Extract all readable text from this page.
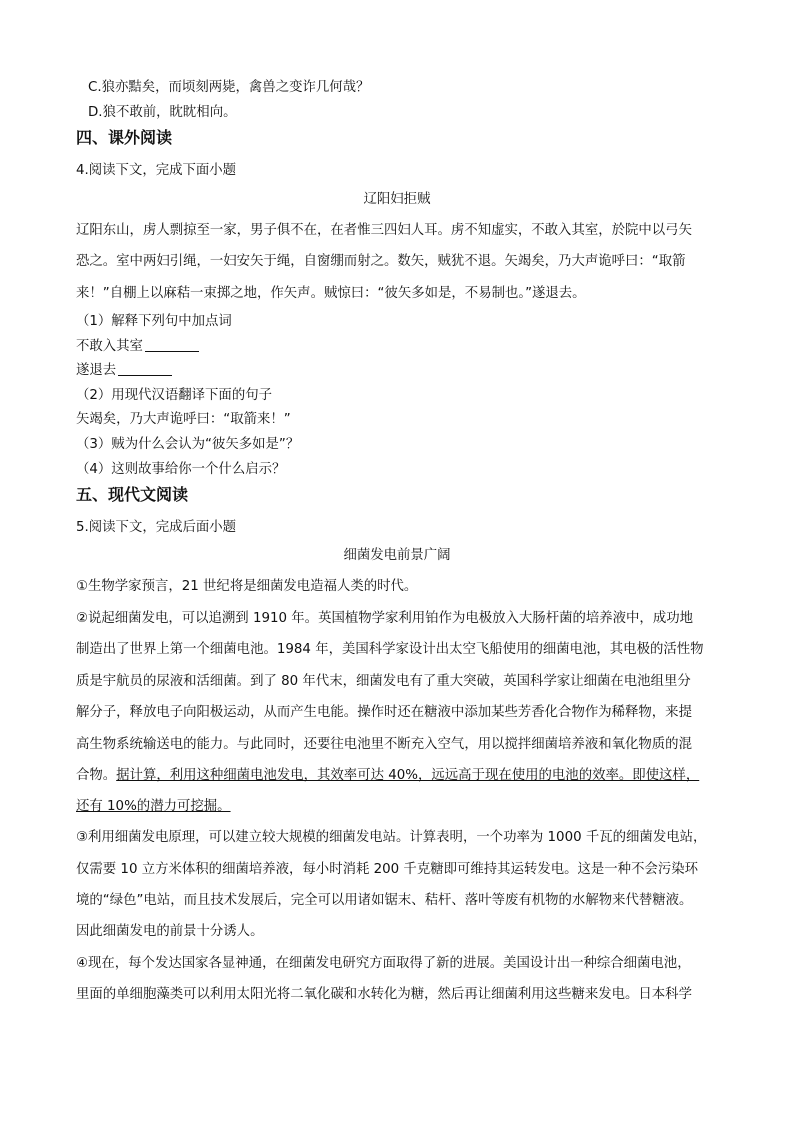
C.狼亦黠矣，而顷刻两毙，禽兽之变诈几何哉？
D.狼不敢前，眈眈相向。
四、课外阅读
4.阅读下文，完成下面小题
辽阳妇拒贼
辽阳东山，虏人剽掠至一家，男子俱不在，在者惟三四妇人耳。虏不知虚实，不敢入其室，於院中以弓矢
恐之。室中两妇引绳，一妇安矢于绳，自窗绷而射之。数矢，贼犹不退。矢竭矣，乃大声诡呼曰：“取箭
来！”自棚上以麻秸一束掷之地，作矢声。贼惊曰：“彼矢多如是，不易制也。”遂退去。
（1）解释下列句中加点词
不敢入其室
遂退去
（2）用现代汉语翻译下面的句子
矢竭矣，乃大声诡呼曰：“取箭来！”
（3）贼为什么会认为“彼矢多如是”？
（4）这则故事给你一个什么启示？
五、现代文阅读
5.阅读下文，完成后面小题
细菌发电前景广阔
①生物学家预言，21 世纪将是细菌发电造福人类的时代。
②说起细菌发电，可以追溯到 1910 年。英国植物学家利用铂作为电极放入大肠杆菌的培养液中，成功地
制造出了世界上第一个细菌电池。1984 年，美国科学家设计出太空飞船使用的细菌电池，其电极的活性物
质是宇航员的尿液和活细菌。到了 80 年代末，细菌发电有了重大突破，英国科学家让细菌在电池组里分
解分子，释放电子向阳极运动，从而产生电能。操作时还在糖液中添加某些芳香化合物作为稀释物，来提
高生物系统输送电的能力。与此同时，还要往电池里不断充入空气，用以搅拌细菌培养液和氧化物质的混
合物。据计算，利用这种细菌电池发电，其效率可达 40%，远远高于现在使用的电池的效率。即使这样，
还有 10%的潜力可挖掘。
③利用细菌发电原理，可以建立较大规模的细菌发电站。计算表明，一个功率为 1000 千瓦的细菌发电站，
仅需要 10 立方米体积的细菌培养液，每小时消耗 200 千克糖即可维持其运转发电。这是一种不会污染环
境的“绿色”电站，而且技术发展后，完全可以用诸如锯末、秸杆、落叶等废有机物的水解物来代替糖液。
因此细菌发电的前景十分诱人。
④现在，每个发达国家各显神通，在细菌发电研究方面取得了新的进展。美国设计出一种综合细菌电池，
里面的单细胞藻类可以利用太阳光将二氧化碳和水转化为糖，然后再让细菌利用这些糖来发电。日本科学
